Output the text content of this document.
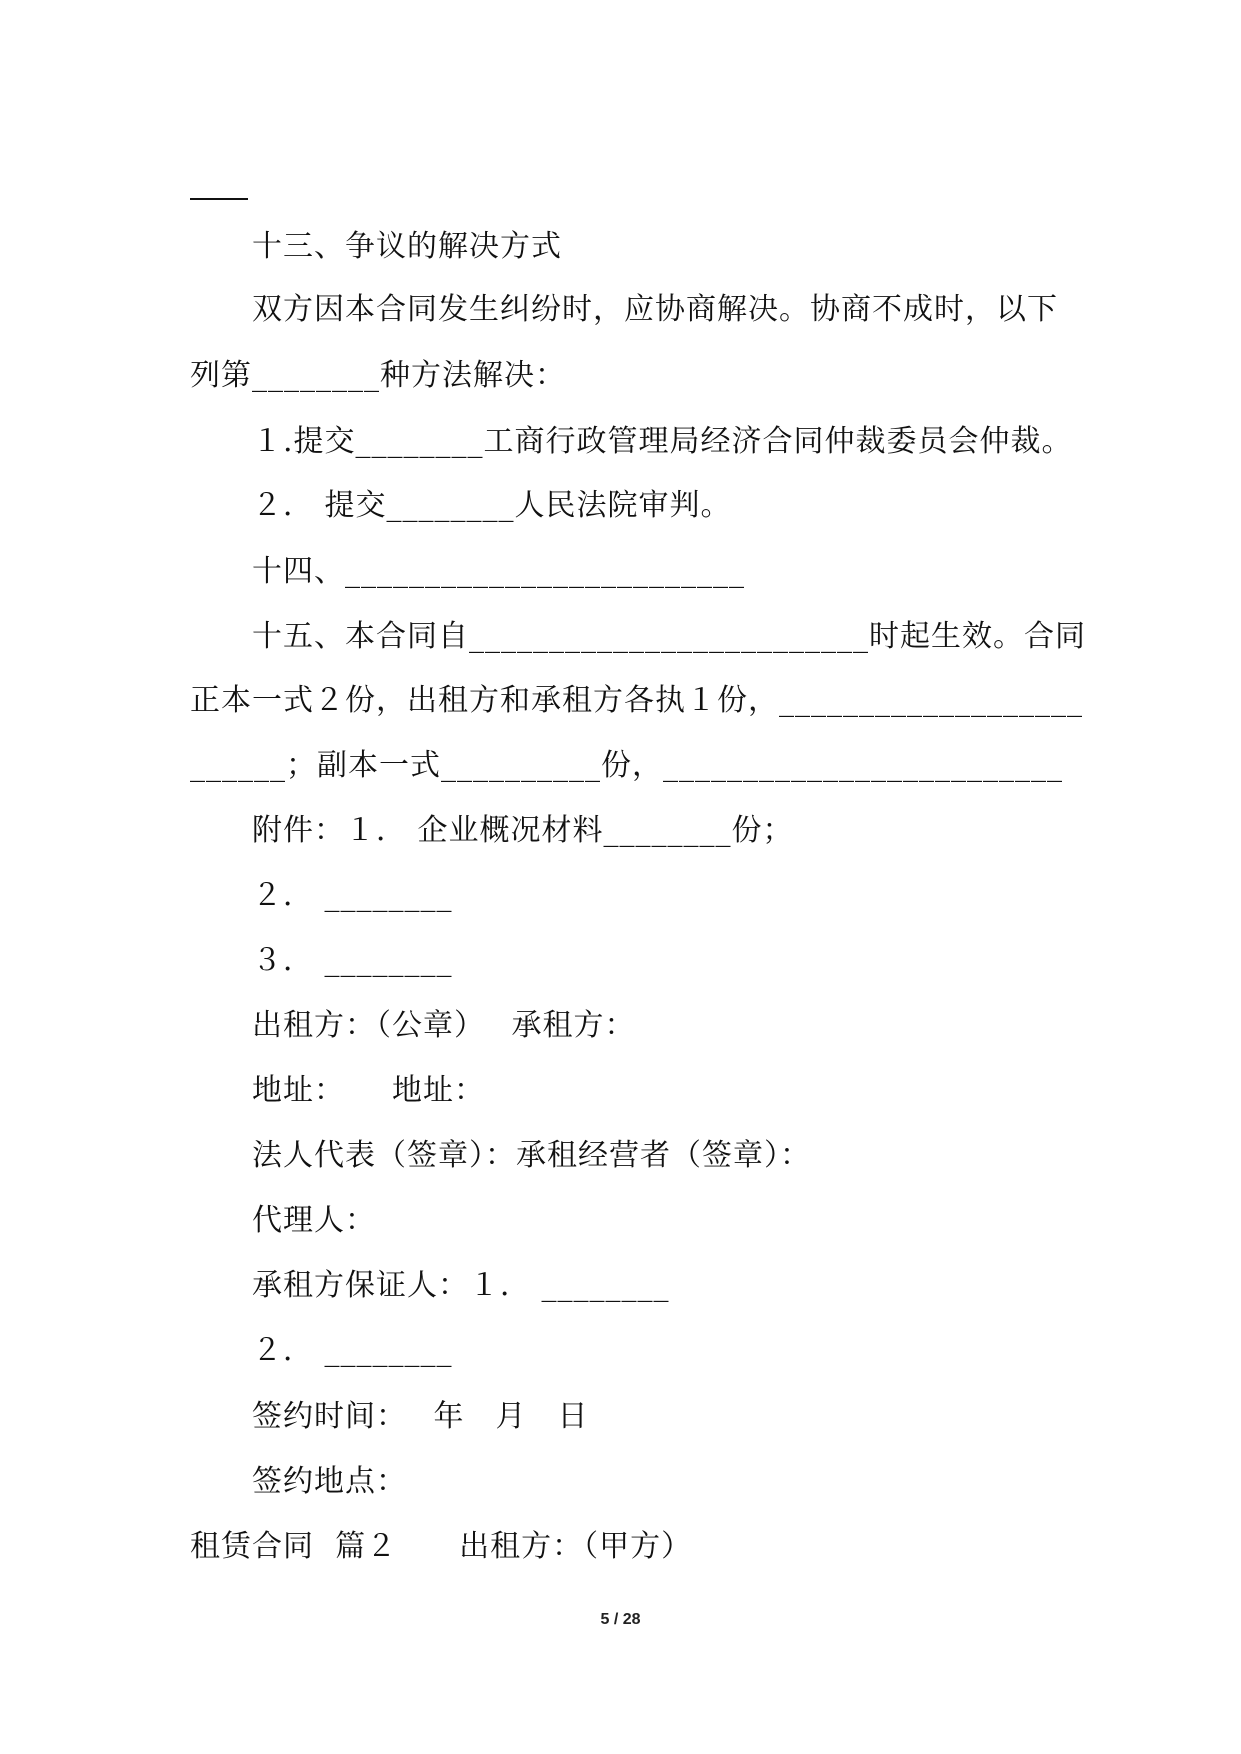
十三、争议的解决方式
双方因本合同发生纠纷时，应协商解决。协商不成时，以下
列第________种方法解决：
１.提交________工商行政管理局经济合同仲裁委员会仲裁。
２． 提交________人民法院审判。
十四、_________________________
十五、本合同自_________________________时起生效。合同
正本一式２份，出租方和承租方各执１份，___________________
______；副本一式__________份，_________________________
附件：１． 企业概况材料________份；
２． ________
３． ________
出租方：（公章）　 承租方：
地址：　　地址：
法人代表（签章）：承租经营者（签章）：
代理人：
承租方保证人：１． ________
２． ________
签约时间：　 年　月　日
签约地点：
租赁合同  篇２　　出租方：（甲方）
5 / 28
